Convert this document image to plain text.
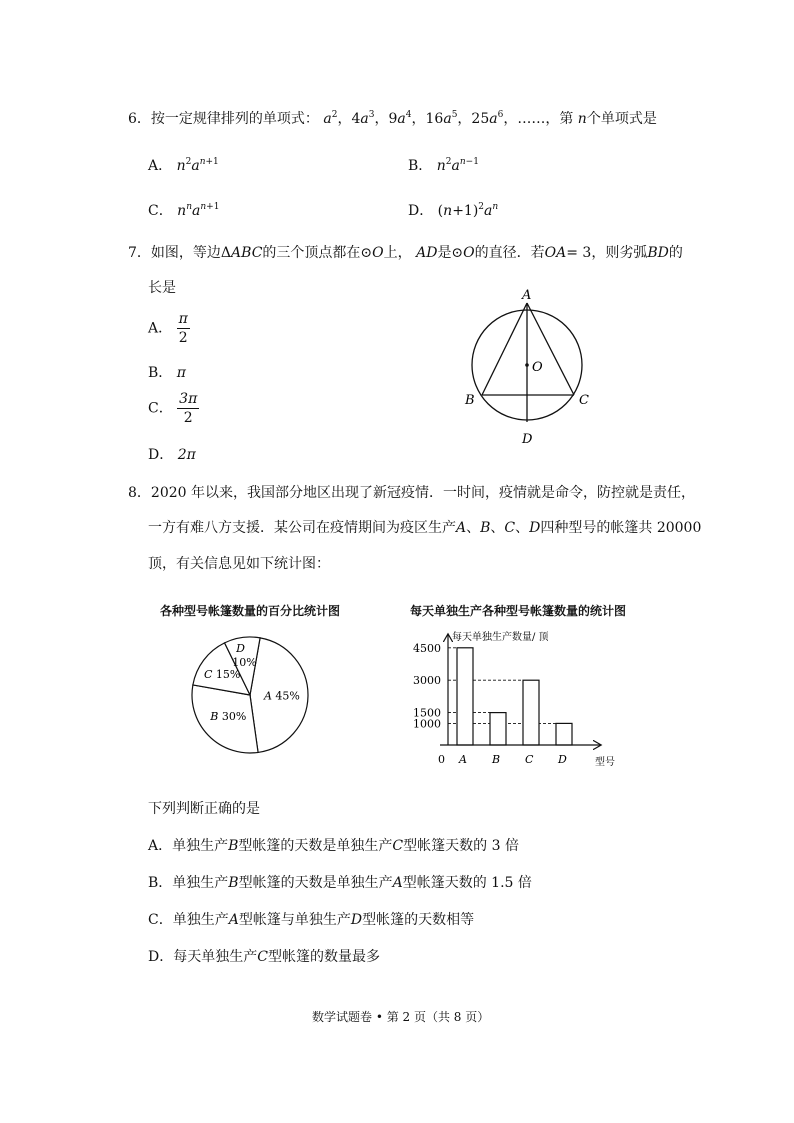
6．按一定规律排列的单项式： $a^2$，$4a^3$，$9a^4$，$16a^5$，$25a^6$，……，第 n个单项式是
A． $n^2a^{n+1}$	B． $n^2a^{n-1}$
C． $n^na^{n+1}$	D． $(n+1)^2a^n$
7．如图，等边ΔABC的三个顶点都在⊙O上， AD是⊙O的直径．若OA= 3，则劣弧BD的
长是
A． $\frac{\pi}{2}$
B． π
C． $\frac{3\pi}{2}$
D． 2π
A
O
B	C
D
8．2020 年以来，我国部分地区出现了新冠疫情．一时间，疫情就是命令，防控就是责任，
一方有难八方支援．某公司在疫情期间为疫区生产A、B、C、D四种型号的帐篷共 20000
顶，有关信息见如下统计图：
各种型号帐篷数量的百分比统计图
A 45%
B 30%
C 15%
10%
D
每天单独生产各种型号帐篷数量的统计图
4500
3000
1500
1000
A B C D
每天单独生产数量/ 顶
型号
0
下列判断正确的是
A．单独生产B型帐篷的天数是单独生产C型帐篷天数的 3 倍
B．单独生产B型帐篷的天数是单独生产A型帐篷天数的 1.5 倍
C．单独生产A型帐篷与单独生产D型帐篷的天数相等
D．每天单独生产C型帐篷的数量最多
数学试题卷 • 第 2 页（共 8 页）
